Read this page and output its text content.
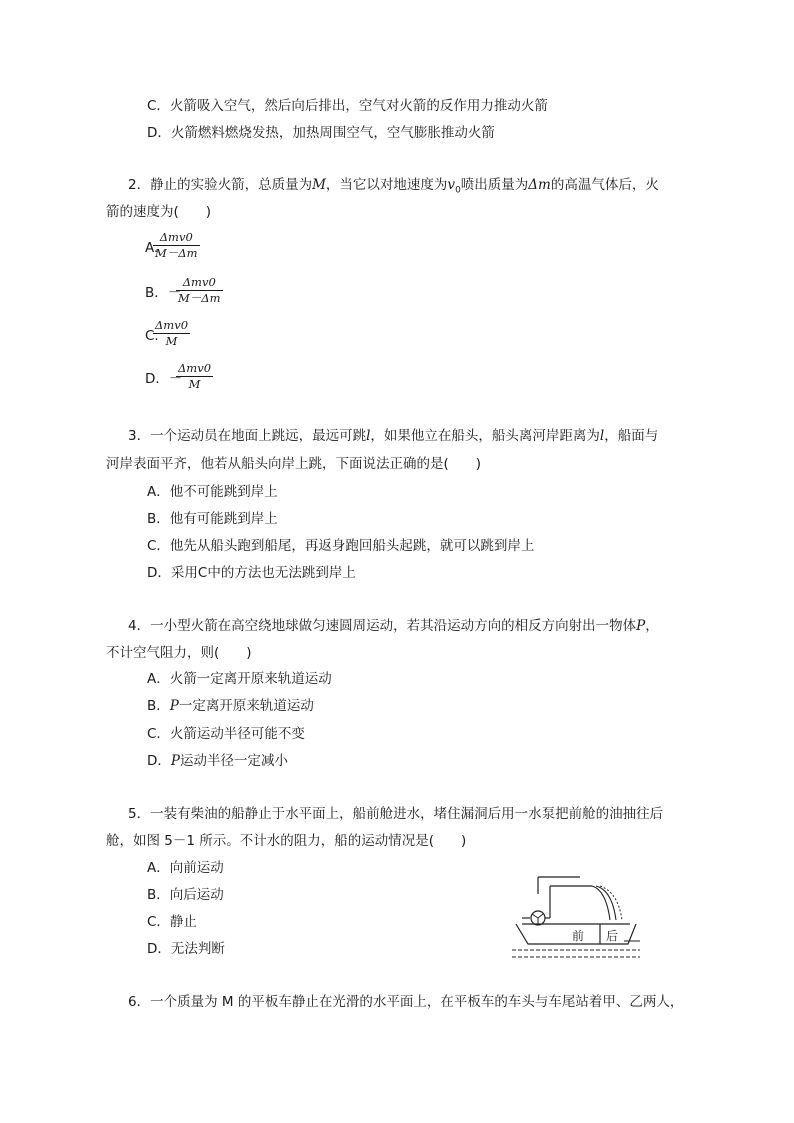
C．火箭吸入空气，然后向后排出，空气对火箭的反作用力推动火箭
D．火箭燃料燃烧发热，加热周围空气，空气膨胀推动火箭
2．静止的实验火箭，总质量为M，当它以对地速度为$v_0$喷出质量为Δm的高温气体后，火
箭的速度为(　　)
A.
Δmv0
M－Δm
B．－
Δmv0
M－Δm
C.
Δmv0
M
D．－
Δmv0
M
3．一个运动员在地面上跳远，最远可跳l，如果他立在船头，船头离河岸距离为l，船面与
河岸表面平齐，他若从船头向岸上跳，下面说法正确的是(　　)
A．他不可能跳到岸上
B．他有可能跳到岸上
C．他先从船头跑到船尾，再返身跑回船头起跳，就可以跳到岸上
D．采用C中的方法也无法跳到岸上
4．一小型火箭在高空绕地球做匀速圆周运动，若其沿运动方向的相反方向射出一物体P，
不计空气阻力，则(　　)
A．火箭一定离开原来轨道运动
B．P一定离开原来轨道运动
C．火箭运动半径可能不变
D．P运动半径一定减小
5．一装有柴油的船静止于水平面上，船前舱进水，堵住漏洞后用一水泵把前舱的油抽往后
舱，如图 5－1 所示。不计水的阻力，船的运动情况是(　　)
A．向前运动
B．向后运动
C．静止
D．无法判断
前 后
6．一个质量为 M 的平板车静止在光滑的水平面上，在平板车的车头与车尾站着甲、乙两人，
